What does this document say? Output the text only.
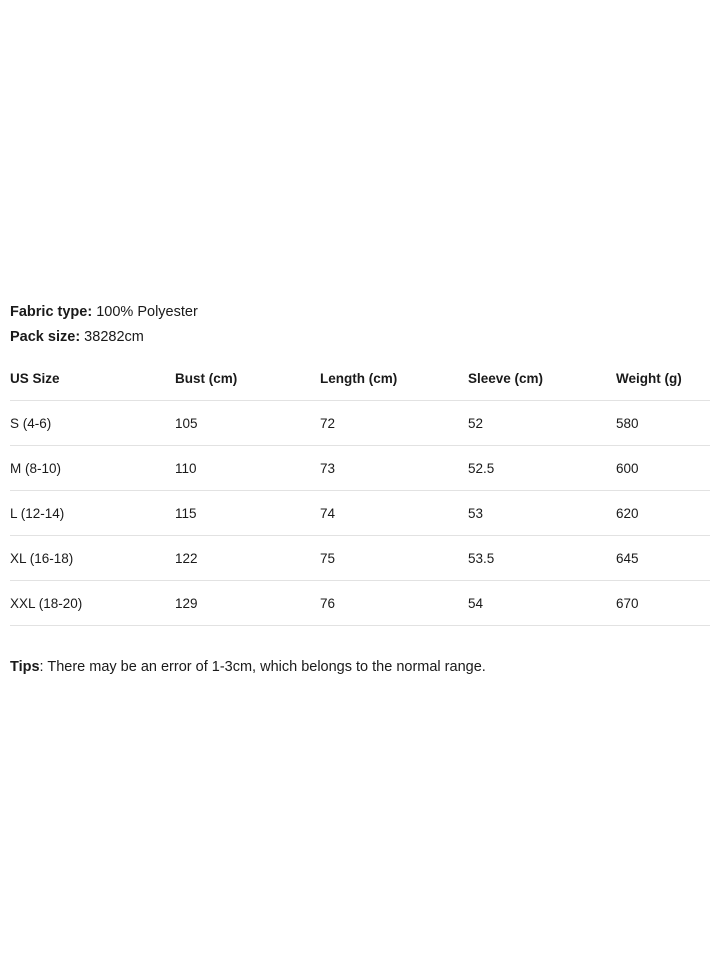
Fabric type: 100% Polyester
Pack size: 38282cm
US Size	Bust (cm)	Length (cm)	Sleeve (cm)	Weight (g)
S (4-6)	105	72	52	580
M (8-10)	110	73	52.5	600
L (12-14)	115	74	53	620
XL (16-18)	122	75	53.5	645
XXL (18-20)	129	76	54	670
Tips: There may be an error of 1-3cm, which belongs to the normal range.
